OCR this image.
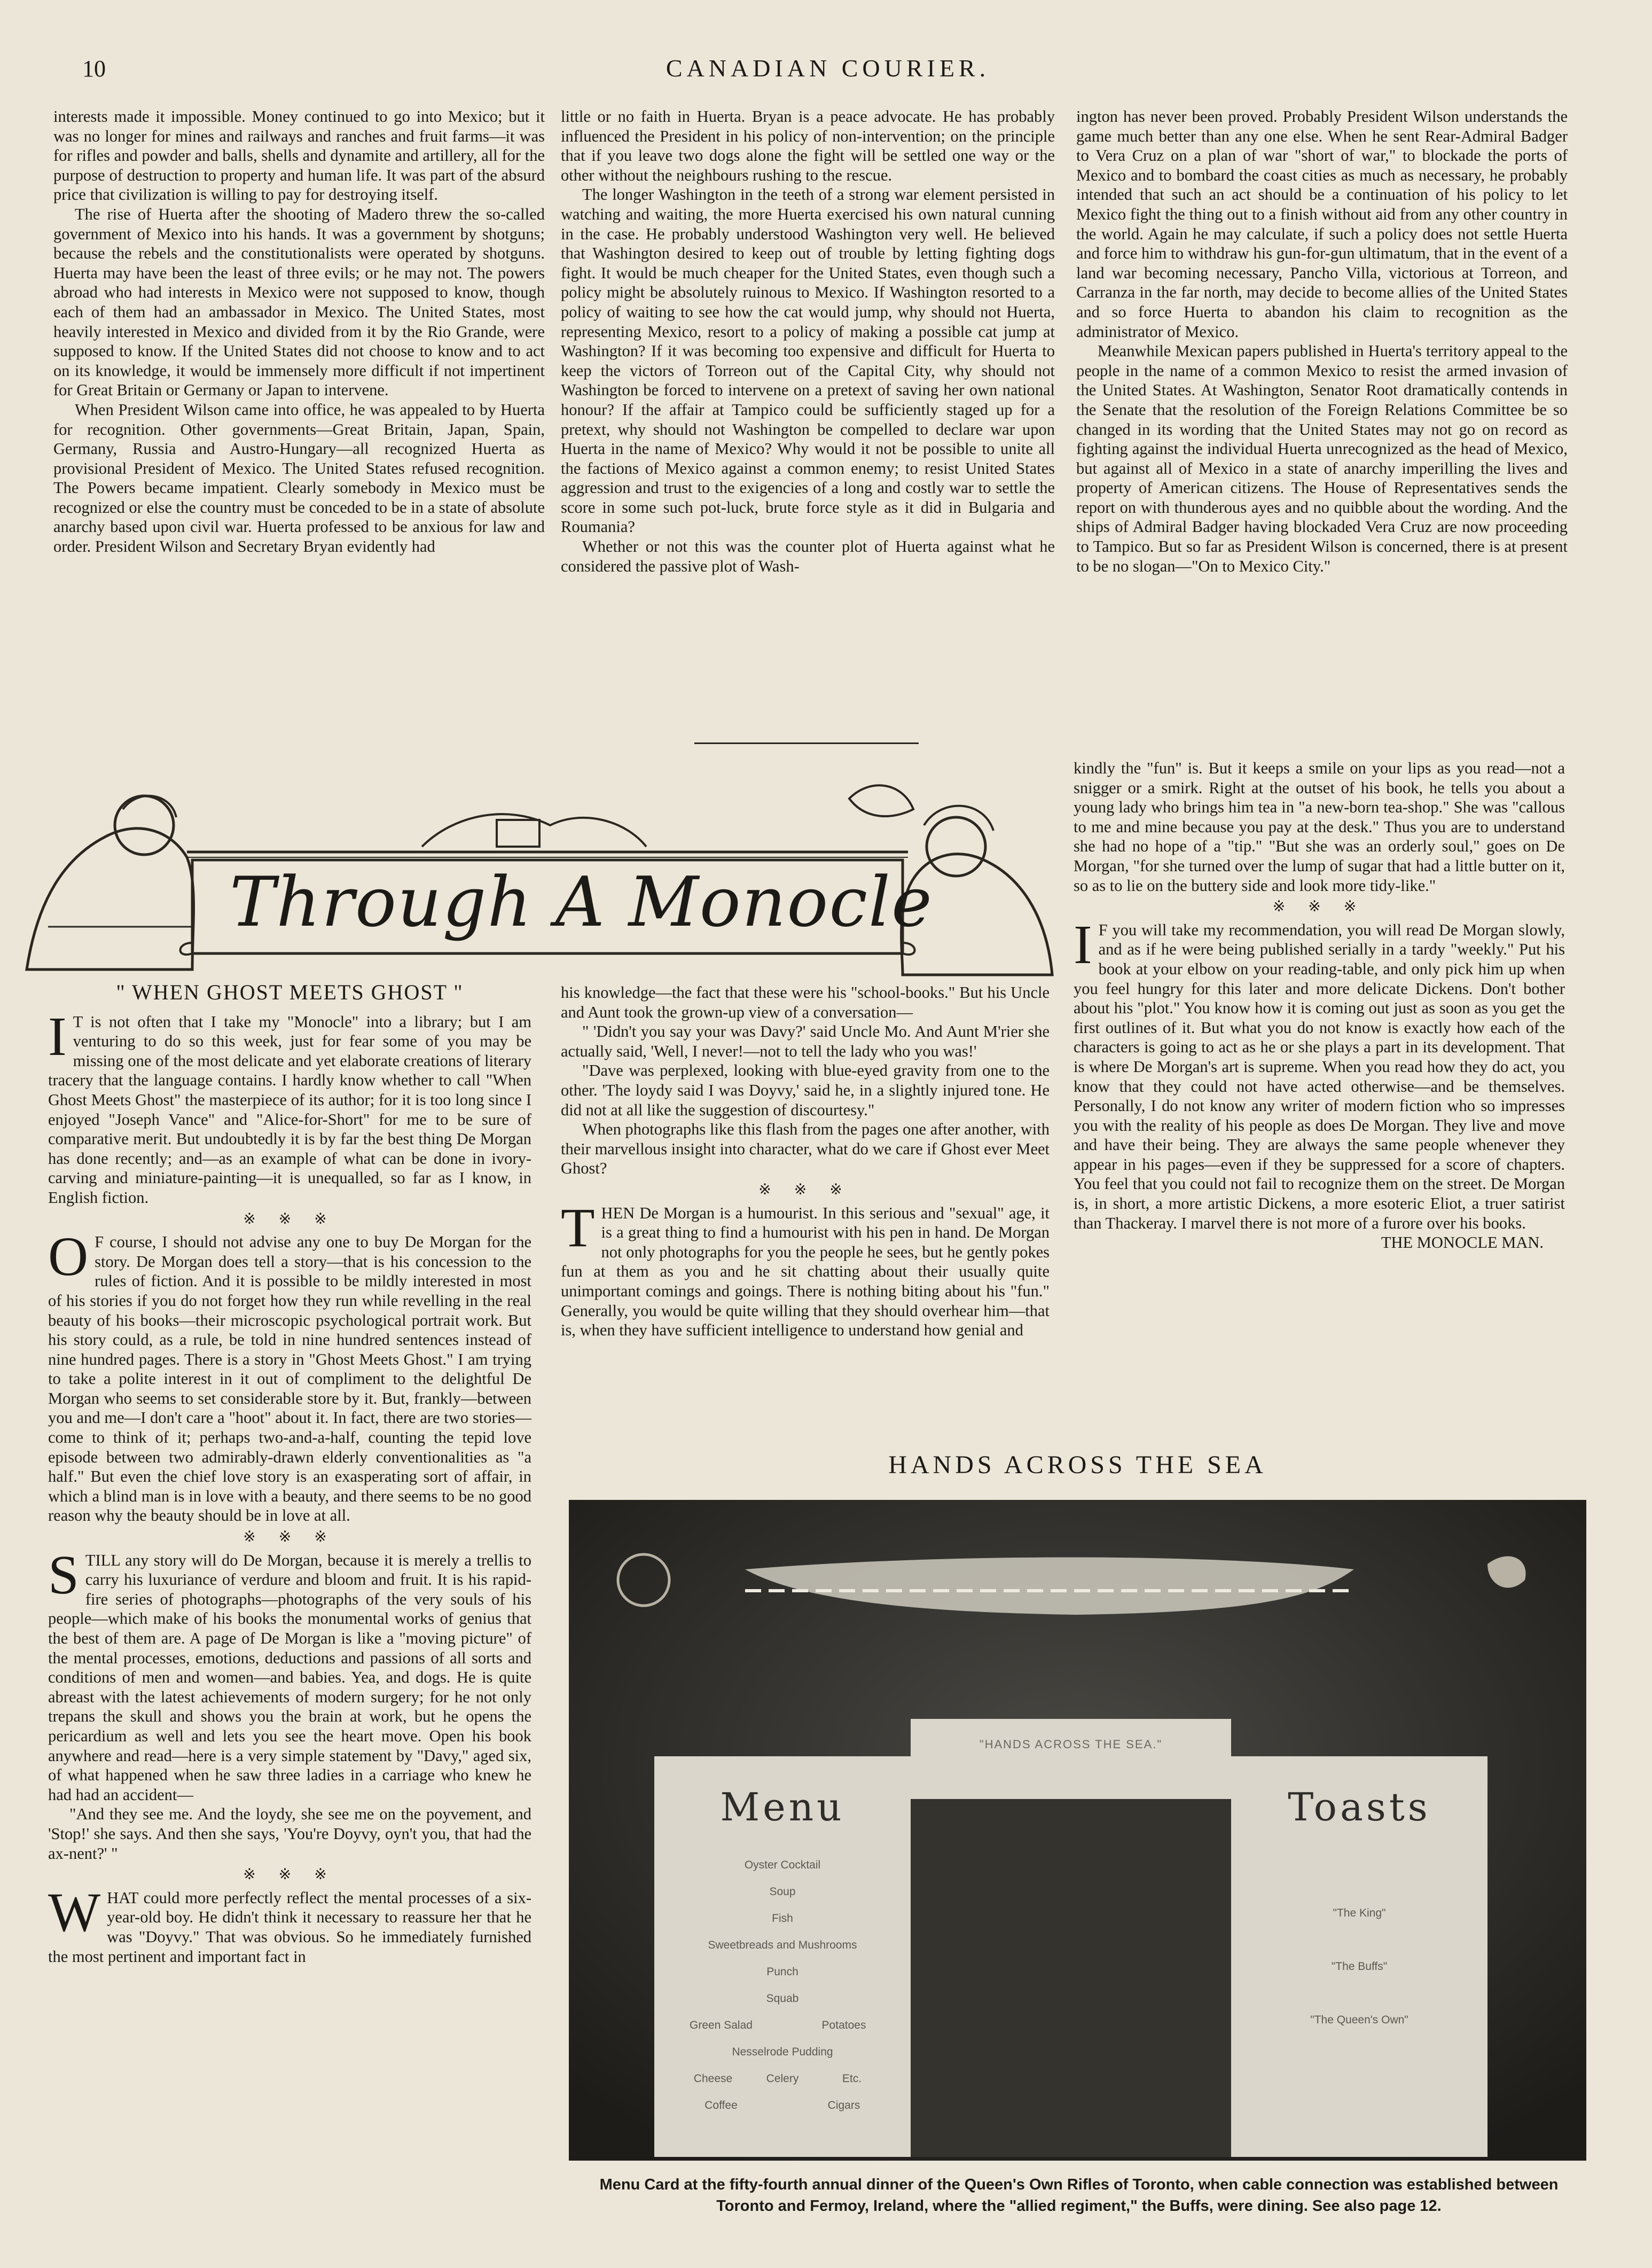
10	CANADIAN COURIER.

interests made it impossible. Money continued to go into Mexico; but it was no longer for mines and railways and ranches and fruit farms—it was for rifles and powder and balls, shells and dynamite and artillery, all for the purpose of destruction to property and human life. It was part of the absurd price that civilization is willing to pay for destroying itself.

The rise of Huerta after the shooting of Madero threw the so-called government of Mexico into his hands. It was a government by shotguns; because the rebels and the constitutionalists were operated by shotguns. Huerta may have been the least of three evils; or he may not. The powers abroad who had interests in Mexico were not supposed to know, though each of them had an ambassador in Mexico. The United States, most heavily interested in Mexico and divided from it by the Rio Grande, were supposed to know. If the United States did not choose to know and to act on its knowledge, it would be immensely more difficult if not impertinent for Great Britain or Germany or Japan to intervene.

When President Wilson came into office, he was appealed to by Huerta for recognition. Other governments—Great Britain, Japan, Spain, Germany, Russia and Austro-Hungary—all recognized Huerta as provisional President of Mexico. The United States refused recognition. The Powers became impatient. Clearly somebody in Mexico must be recognized or else the country must be conceded to be in a state of absolute anarchy based upon civil war. Huerta professed to be anxious for law and order. President Wilson and Secretary Bryan evidently had

little or no faith in Huerta. Bryan is a peace advocate. He has probably influenced the President in his policy of non-intervention; on the principle that if you leave two dogs alone the fight will be settled one way or the other without the neighbours rushing to the rescue.

The longer Washington in the teeth of a strong war element persisted in watching and waiting, the more Huerta exercised his own natural cunning in the case. He probably understood Washington very well. He believed that Washington desired to keep out of trouble by letting fighting dogs fight. It would be much cheaper for the United States, even though such a policy might be absolutely ruinous to Mexico. If Washington resorted to a policy of waiting to see how the cat would jump, why should not Huerta, representing Mexico, resort to a policy of making a possible cat jump at Washington? If it was becoming too expensive and difficult for Huerta to keep the victors of Torreon out of the Capital City, why should not Washington be forced to intervene on a pretext of saving her own national honour? If the affair at Tampico could be sufficiently staged up for a pretext, why should not Washington be compelled to declare war upon Huerta in the name of Mexico? Why would it not be possible to unite all the factions of Mexico against a common enemy; to resist United States aggression and trust to the exigencies of a long and costly war to settle the score in some such pot-luck, brute force style as it did in Bulgaria and Roumania?

Whether or not this was the counter plot of Huerta against what he considered the passive plot of Wash-

ington has never been proved. Probably President Wilson understands the game much better than any one else. When he sent Rear-Admiral Badger to Vera Cruz on a plan of war "short of war," to blockade the ports of Mexico and to bombard the coast cities as much as necessary, he probably intended that such an act should be a continuation of his policy to let Mexico fight the thing out to a finish without aid from any other country in the world. Again he may calculate, if such a policy does not settle Huerta and force him to withdraw his gun-for-gun ultimatum, that in the event of a land war becoming necessary, Pancho Villa, victorious at Torreon, and Carranza in the far north, may decide to become allies of the United States and so force Huerta to abandon his claim to recognition as the administrator of Mexico.

Meanwhile Mexican papers published in Huerta's territory appeal to the people in the name of a common Mexico to resist the armed invasion of the United States. At Washington, Senator Root dramatically contends in the Senate that the resolution of the Foreign Relations Committee be so changed in its wording that the United States may not go on record as fighting against the individual Huerta unrecognized as the head of Mexico, but against all of Mexico in a state of anarchy imperilling the lives and property of American citizens. The House of Representatives sends the report on with thunderous ayes and no quibble about the wording. And the ships of Admiral Badger having blockaded Vera Cruz are now proceeding to Tampico. But so far as President Wilson is concerned, there is at present to be no slogan—"On to Mexico City."

Through A Monocle
" WHEN GHOST MEETS GHOST "

I T is not often that I take my "Monocle" into a library; but I am venturing to do so this week, just for fear some of you may be missing one of the most delicate and yet elaborate creations of literary tracery that the language contains. I hardly know whether to call "When Ghost Meets Ghost" the masterpiece of its author; for it is too long since I enjoyed "Joseph Vance" and "Alice-for-Short" for me to be sure of comparative merit. But undoubtedly it is by far the best thing De Morgan has done recently; and—as an example of what can be done in ivory-carving and miniature-painting—it is unequalled, so far as I know, in English fiction.

※ ※ ※

O F course, I should not advise any one to buy De Morgan for the story. De Morgan does tell a story—that is his concession to the rules of fiction. And it is possible to be mildly interested in most of his stories if you do not forget how they run while revelling in the real beauty of his books—their microscopic psychological portrait work. But his story could, as a rule, be told in nine hundred sentences instead of nine hundred pages. There is a story in "Ghost Meets Ghost." I am trying to take a polite interest in it out of compliment to the delightful De Morgan who seems to set considerable store by it. But, frankly—between you and me—I don't care a "hoot" about it. In fact, there are two stories—come to think of it; perhaps two-and-a-half, counting the tepid love episode between two admirably-drawn elderly conventionalities as "a half." But even the chief love story is an exasperating sort of affair, in which a blind man is in love with a beauty, and there seems to be no good reason why the beauty should be in love at all.

※ ※ ※

STILL any story will do De Morgan, because it is merely a trellis to carry his luxuriance of verdure and bloom and fruit. It is his rapid-fire series of photographs—photographs of the very souls of his people—which make of his books the monumental works of genius that the best of them are. A page of De Morgan is like a "moving picture" of the mental processes, emotions, deductions and passions of all sorts and conditions of men and women—and babies. Yea, and dogs. He is quite abreast with the latest achievements of modern surgery; for he not only trepans the skull and shows you the brain at work, but he opens the pericardium as well and lets you see the heart move. Open his book anywhere and read—here is a very simple statement by "Davy," aged six, of what happened when he saw three ladies in a carriage who knew he had had an accident—

"And they see me. And the loydy, she see me on the poyvement, and 'Stop!' she says. And then she says, 'You're Doyvy, oyn't you, that had the ax-nent?' "

※ ※ ※

WHAT could more perfectly reflect the mental processes of a six-year-old boy. He didn't think it necessary to reassure her that he was "Doyvy." That was obvious. So he immediately furnished the most pertinent and important fact in

his knowledge—the fact that these were his "school-books." But his Uncle and Aunt took the grown-up view of a conversation—

" 'Didn't you say your was Davy?' said Uncle Mo. And Aunt M'rier she actually said, 'Well, I never!—not to tell the lady who you was!'

"Dave was perplexed, looking with blue-eyed gravity from one to the other. 'The loydy said I was Doyvy,' said he, in a slightly injured tone. He did not at all like the suggestion of discourtesy."

When photographs like this flash from the pages one after another, with their marvellous insight into character, what do we care if Ghost ever Meet Ghost?

※ ※ ※

THEN De Morgan is a humourist. In this serious and "sexual" age, it is a great thing to find a humourist with his pen in hand. De Morgan not only photographs for you the people he sees, but he gently pokes fun at them as you and he sit chatting about their usually quite unimportant comings and goings. There is nothing biting about his "fun." Generally, you would be quite willing that they should overhear him—that is, when they have sufficient intelligence to understand how genial and

kindly the "fun" is. But it keeps a smile on your lips as you read—not a snigger or a smirk. Right at the outset of his book, he tells you about a young lady who brings him tea in "a new-born tea-shop." She was "callous to me and mine because you pay at the desk." Thus you are to understand she had no hope of a "tip." "But she was an orderly soul," goes on De Morgan, "for she turned over the lump of sugar that had a little butter on it, so as to lie on the buttery side and look more tidy-like."

※ ※ ※

I F you will take my recommendation, you will read De Morgan slowly, and as if he were being published serially in a tardy "weekly." Put his book at your elbow on your reading-table, and only pick him up when you feel hungry for this later and more delicate Dickens. Don't bother about his "plot." You know how it is coming out just as soon as you get the first outlines of it. But what you do not know is exactly how each of the characters is going to act as he or she plays a part in its development. That is where De Morgan's art is supreme. When you read how they do act, you know that they could not have acted otherwise—and be themselves. Personally, I do not know any writer of modern fiction who so impresses you with the reality of his people as does De Morgan. They live and move and have their being. They are always the same people whenever they appear in his pages—even if they be suppressed for a score of chapters. You feel that you could not fail to recognize them on the street. De Morgan is, in short, a more artistic Dickens, a more esoteric Eliot, a truer satirist than Thackeray. I marvel there is not more of a furore over his books.

THE MONOCLE MAN.

HANDS ACROSS THE SEA
"HANDS ACROSS THE SEA."
Menu	Toasts
Oyster Cocktail
Soup
Fish
Sweetbreads and Mushrooms
Punch
Squab
Green Salad	Potatoes
Nesselrode Pudding
Cheese	Celery	Etc.
Coffee	Cigars
"The King"
"The Buffs"
"The Queen's Own"
Menu Card at the fifty-fourth annual dinner of the Queen's Own Rifles of Toronto, when cable connection was established between Toronto and Fermoy, Ireland, where the "allied regiment," the Buffs, were dining. See also page 12.
